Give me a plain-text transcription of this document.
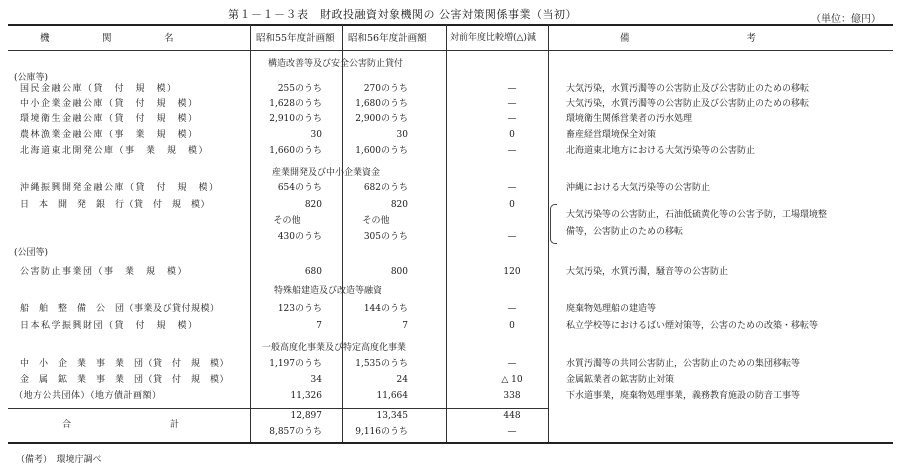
第１－１－３表　財政投融資対象機関の 公害対策関係事業（当初）	（単位：億円）
機　　　関　　　名	昭和55年度計画額 昭和56年度計画額	対前年度比較増(△)減	備　　　　　　　　　　考
(公庫等)
構造改善等及び安全公害防止貸付
産業開発及び中小企業資金
(公団等)
特殊船建造及び改造等融資
一般高度化事業及び特定高度化事業
国民金融公庫（貸　付　規　模）	255のうち	270のうち	—	大気汚染，水質汚濁等の公害防止及び公害防止のための移転
中小企業金融公庫（貸　付　規　模）	1,628のうち	1,680のうち	—	大気汚染，水質汚濁等の公害防止及び公害防止のための移転
環境衛生金融公庫（貸　付　規　模）	2,910のうち	2,900のうち	—	環境衛生関係営業者の汚水処理
農林漁業金融公庫（事　業　規　模）	30	30	0	畜産経営環境保全対策
北海道東北開発公庫（事　業　規　模）	1,660のうち	1,600のうち	—	北海道東北地方における大気汚染等の公害防止
沖縄振興開発金融公庫（貸　付　規　模）	654のうち	682のうち	—	沖縄における大気汚染等の公害防止
日　本　開　発　銀　行（貸　付　規　模）	820	820	0
その他	その他
大気汚染等の公害防止，石油低硫黄化等の公害予防，工場環境整
430のうち	305のうち	—	備等，公害防止のための移転
公害防止事業団（事　業　規　模）	680	800	120	大気汚染，水質汚濁，騒音等の公害防止
船　舶　整　備　公　団（事業及び貸付規模）	123のうち	144のうち	—	廃棄物処理船の建造等
日本私学振興財団（貸　付　規　模）	7	7	0	私立学校等におけるばい煙対策等，公害のための改築・移転等
中　小　企　業　事　業　団（貸　付　規　模）	1,197のうち	1,535のうち	—	水質汚濁等の共同公害防止，公害防止のための集団移転等
金　属　鉱　業　事　業　団（貸　付　規　模）	34	24	△ 10	金属鉱業者の鉱害防止対策
（地方公共団体）（地方債計画額）	11,326	11,664	338	下水道事業，廃棄物処理事業，義務教育施設の防音工事等
合　　　　　　　　計
12,897	13,345	448
8,857のうち	9,116のうち	—
（備考）　環境庁調べ
